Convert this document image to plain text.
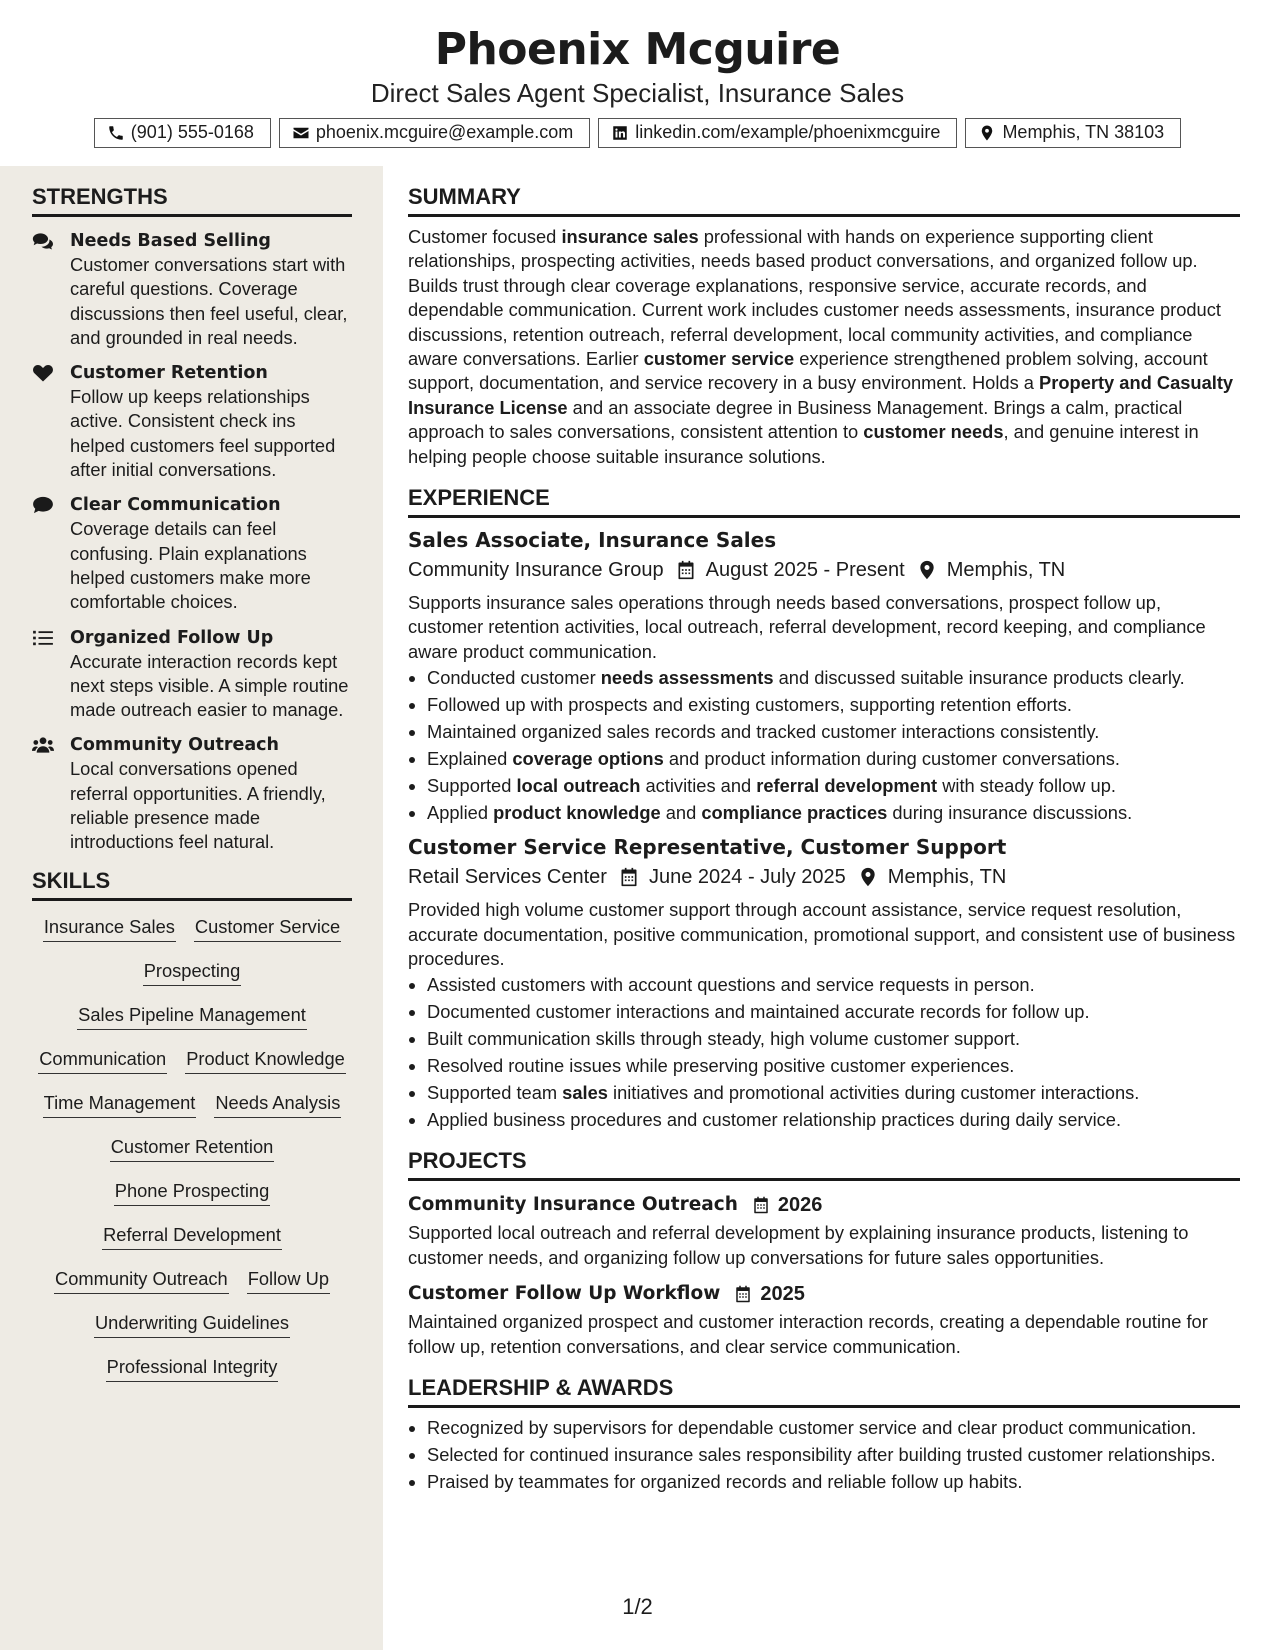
Phoenix Mcguire
Direct Sales Agent Specialist, Insurance Sales
(901) 555-0168	phoenix.mcguire@example.com	linkedin.com/example/phoenixmcguire	Memphis, TN 38103
STRENGTHS
Needs Based Selling
Customer conversations start with careful questions. Coverage discussions then feel useful, clear, and grounded in real needs.
Customer Retention
Follow up keeps relationships active. Consistent check ins helped customers feel supported after initial conversations.
Clear Communication
Coverage details can feel confusing. Plain explanations helped customers make more comfortable choices.
Organized Follow Up
Accurate interaction records kept next steps visible. A simple routine made outreach easier to manage.
Community Outreach
Local conversations opened referral opportunities. A friendly, reliable presence made introductions feel natural.
SKILLS
Insurance Sales Customer Service
Prospecting
Sales Pipeline Management
Communication Product Knowledge
Time Management Needs Analysis
Customer Retention
Phone Prospecting
Referral Development
Community Outreach Follow Up
Underwriting Guidelines
Professional Integrity
SUMMARY
Customer focused insurance sales professional with hands on experience supporting client relationships, prospecting activities, needs based product conversations, and organized follow up. Builds trust through clear coverage explanations, responsive service, accurate records, and dependable communication. Current work includes customer needs assessments, insurance product discussions, retention outreach, referral development, local community activities, and compliance aware conversations. Earlier customer service experience strengthened problem solving, account support, documentation, and service recovery in a busy environment. Holds a Property and Casualty Insurance License and an associate degree in Business Management. Brings a calm, practical approach to sales conversations, consistent attention to customer needs, and genuine interest in helping people choose suitable insurance solutions.
EXPERIENCE
Sales Associate, Insurance Sales
Community Insurance Group August 2025 - Present Memphis, TN
Supports insurance sales operations through needs based conversations, prospect follow up, customer retention activities, local outreach, referral development, record keeping, and compliance aware product communication.
• Conducted customer needs assessments and discussed suitable insurance products clearly.
• Followed up with prospects and existing customers, supporting retention efforts.
• Maintained organized sales records and tracked customer interactions consistently.
• Explained coverage options and product information during customer conversations.
• Supported local outreach activities and referral development with steady follow up.
• Applied product knowledge and compliance practices during insurance discussions.
Customer Service Representative, Customer Support
Retail Services Center June 2024 - July 2025 Memphis, TN
Provided high volume customer support through account assistance, service request resolution, accurate documentation, positive communication, promotional support, and consistent use of business procedures.
• Assisted customers with account questions and service requests in person.
• Documented customer interactions and maintained accurate records for follow up.
• Built communication skills through steady, high volume customer support.
• Resolved routine issues while preserving positive customer experiences.
• Supported team sales initiatives and promotional activities during customer interactions.
• Applied business procedures and customer relationship practices during daily service.
PROJECTS
Community Insurance Outreach 2026
Supported local outreach and referral development by explaining insurance products, listening to customer needs, and organizing follow up conversations for future sales opportunities.
Customer Follow Up Workflow 2025
Maintained organized prospect and customer interaction records, creating a dependable routine for follow up, retention conversations, and clear service communication.
LEADERSHIP & AWARDS
• Recognized by supervisors for dependable customer service and clear product communication.
• Selected for continued insurance sales responsibility after building trusted customer relationships.
• Praised by teammates for organized records and reliable follow up habits.
1/2
